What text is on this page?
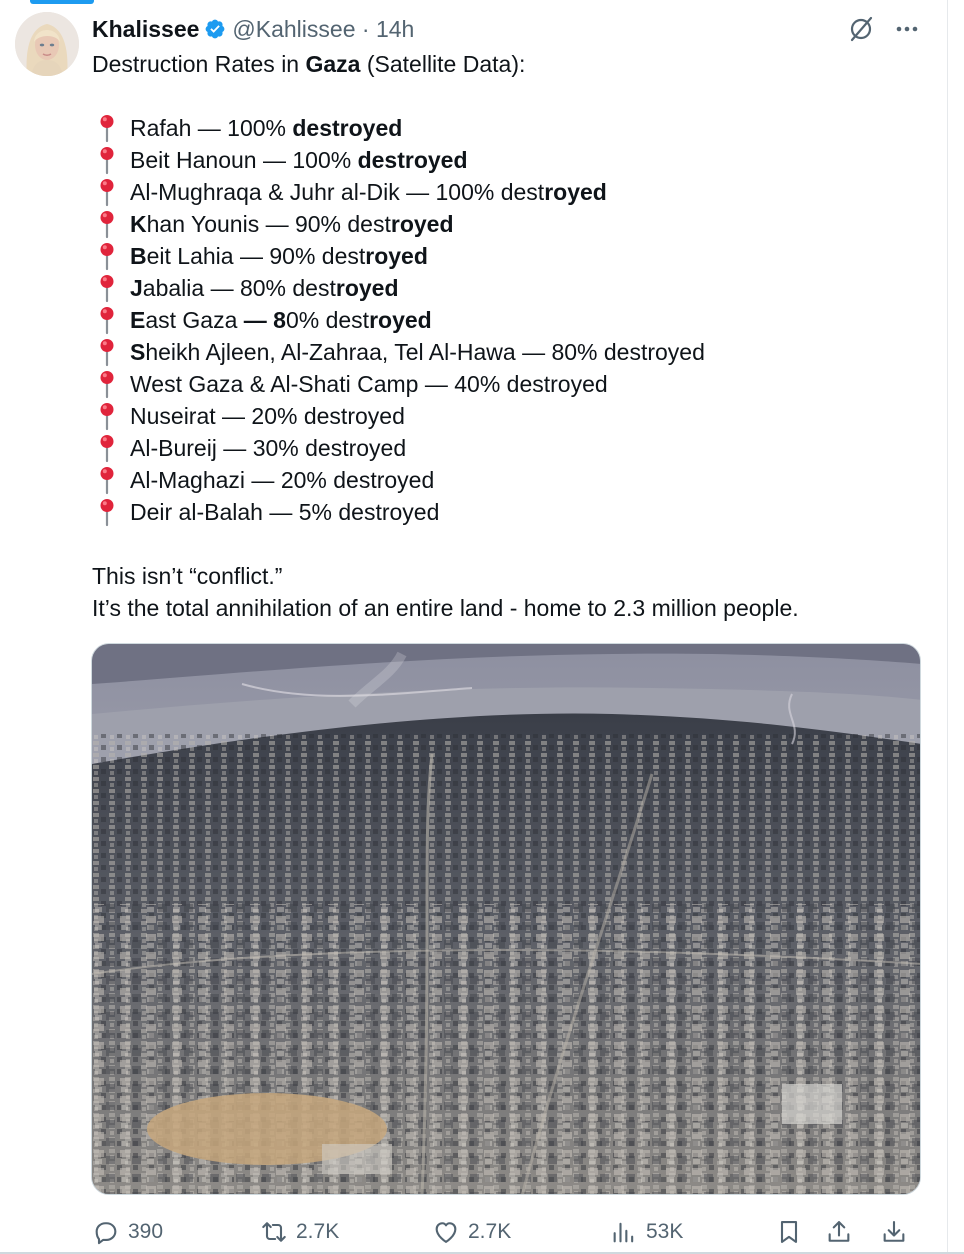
Khalissee @Kahlissee · 14h
Destruction Rates in Gaza (Satellite Data):
Rafah — 100% destroyed
Beit Hanoun — 100% destroyed
Al-Mughraqa & Juhr al-Dik — 100% destroyed
Khan Younis — 90% destroyed
Beit Lahia — 90% destroyed
Jabalia — 80% destroyed
East Gaza — 80% destroyed
Sheikh Ajleen, Al-Zahraa, Tel Al-Hawa — 80% destroyed
West Gaza & Al-Shati Camp — 40% destroyed
Nuseirat — 20% destroyed
Al-Bureij — 30% destroyed
Al-Maghazi — 20% destroyed
Deir al-Balah — 5% destroyed
This isn’t “conflict.”
It’s the total annihilation of an entire land - home to 2.3 million people.
390	2.7K	2.7K	53K
